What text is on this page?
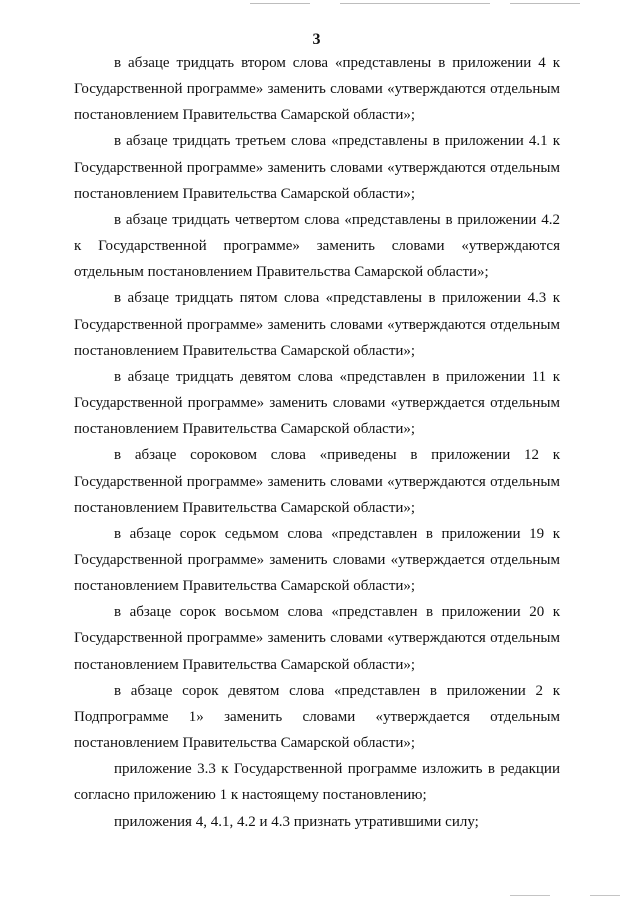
3

в абзаце тридцать втором слова «представлены в приложении 4 к Государственной программе» заменить словами «утверждаются отдельным постановлением Правительства Самарской области»;

в абзаце тридцать третьем слова «представлены в приложении 4.1 к Государственной программе» заменить словами «утверждаются отдельным постановлением Правительства Самарской области»;

в абзаце тридцать четвертом слова «представлены в приложении 4.2 к Государственной программе» заменить словами «утверждаются отдельным постановлением Правительства Самарской области»;

в абзаце тридцать пятом слова «представлены в приложении 4.3 к Государственной программе» заменить словами «утверждаются отдельным постановлением Правительства Самарской области»;

в абзаце тридцать девятом слова «представлен в приложении 11 к Государственной программе» заменить словами «утверждается отдельным постановлением Правительства Самарской области»;

в абзаце сороковом слова «приведены в приложении 12 к Государственной программе» заменить словами «утверждаются отдельным постановлением Правительства Самарской области»;

в абзаце сорок седьмом слова «представлен в приложении 19 к Государственной программе» заменить словами «утверждается отдельным постановлением Правительства Самарской области»;

в абзаце сорок восьмом слова «представлен в приложении 20 к Государственной программе» заменить словами «утверждаются отдельным постановлением Правительства Самарской области»;

в абзаце сорок девятом слова «представлен в приложении 2 к Подпрограмме 1» заменить словами «утверждается отдельным постановлением Правительства Самарской области»;

приложение 3.3 к Государственной программе изложить в редакции согласно приложению 1 к настоящему постановлению;

приложения 4, 4.1, 4.2 и 4.3 признать утратившими силу;
